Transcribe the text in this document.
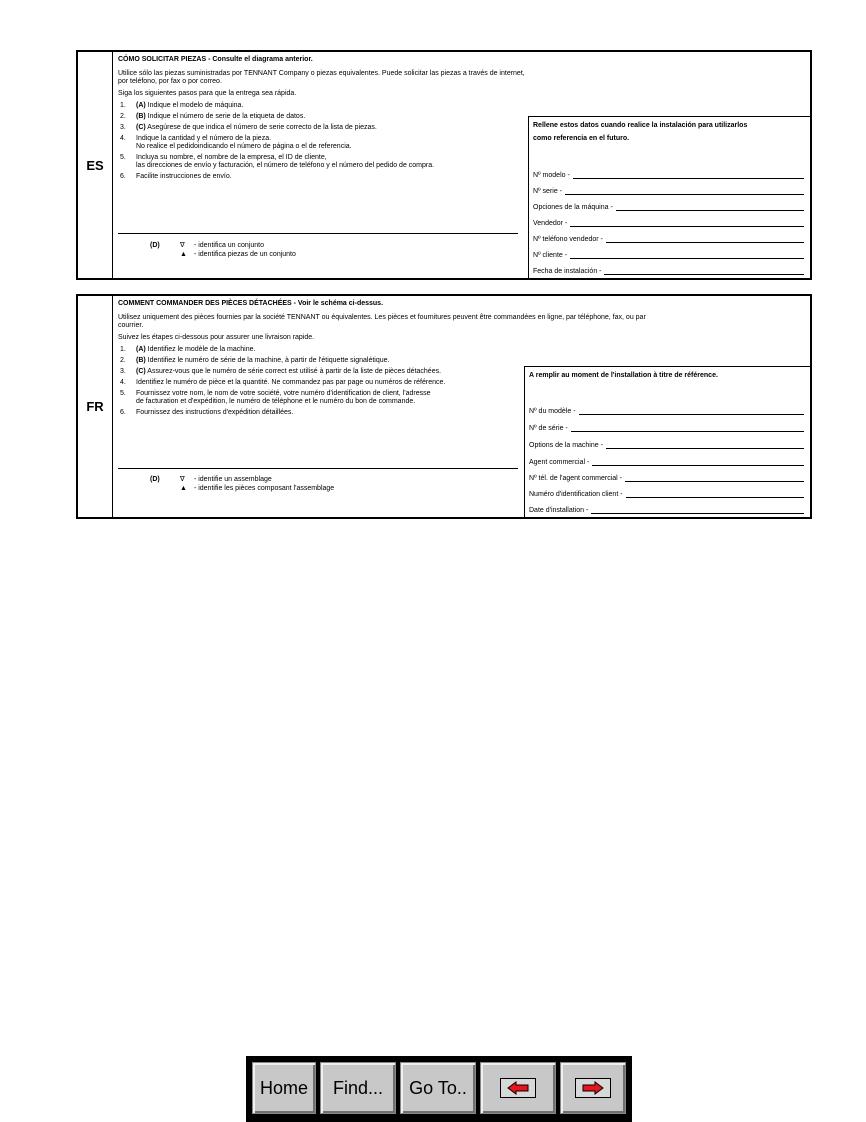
ES
CÓMO SOLICITAR PIEZAS - Consulte el diagrama anterior.
Utilice sólo las piezas suministradas por TENNANT Company o piezas equivalentes. Puede solicitar las piezas a través de internet,
por teléfono, por fax o por correo.
Siga los siguientes pasos para que la entrega sea rápida.
1.	(A) Indique el modelo de máquina.
2.	(B) Indique el número de serie de la etiqueta de datos.
3.	(C) Asegúrese de que indica el número de serie correcto de la lista de piezas.
4.	Indique la cantidad y el número de la pieza.
No realice el pedidoindicando el número de página o el de referencia.
5.	Incluya su nombre, el nombre de la empresa, el ID de cliente,
las direcciones de envío y facturación, el número de teléfono y el número del pedido de compra.
6.	Facilite instrucciones de envío.
(D)	∇ - identifica un conjunto
▲ - identifica piezas de un conjunto
Rellene estos datos cuando realice la instalación para utilizarlos
como referencia en el futuro.
Nº modelo -
Nº serie -
Opciones de la máquina -
Vendedor -
Nº teléfono vendedor -
Nº cliente -
Fecha de instalación -
FR
COMMENT COMMANDER DES PIÈCES DÉTACHÉES - Voir le schéma ci-dessus.
Utilisez uniquement des pièces fournies par la société TENNANT ou équivalentes. Les pièces et fournitures peuvent être commandées en ligne, par téléphone, fax, ou par
courrier.
Suivez les étapes ci-dessous pour assurer une livraison rapide.
1.	(A) Identifiez le modèle de la machine.
2.	(B) Identifiez le numéro de série de la machine, à partir de l'étiquette signalétique.
3.	(C) Assurez-vous que le numéro de série correct est utilisé à partir de la liste de pièces détachées.
4.	Identifiez le numéro de pièce et la quantité. Ne commandez pas par page ou numéros de référence.
5.	Fournissez votre nom, le nom de votre société, votre numéro d'identification de client, l'adresse
de facturation et d'expédition, le numéro de téléphone et le numéro du bon de commande.
6.	Fournissez des instructions d'expédition détaillées.
(D)	∇ - identifie un assemblage
▲ - identifie les pièces composant l'assemblage
A remplir au moment de l'installation à titre de référence.
Nº du modèle -
Nº de série -
Options de la machine -
Agent commercial -
Nº tél. de l'agent commercial -
Numéro d'identification client -
Date d'installation -
Home	Find...	Go To..
